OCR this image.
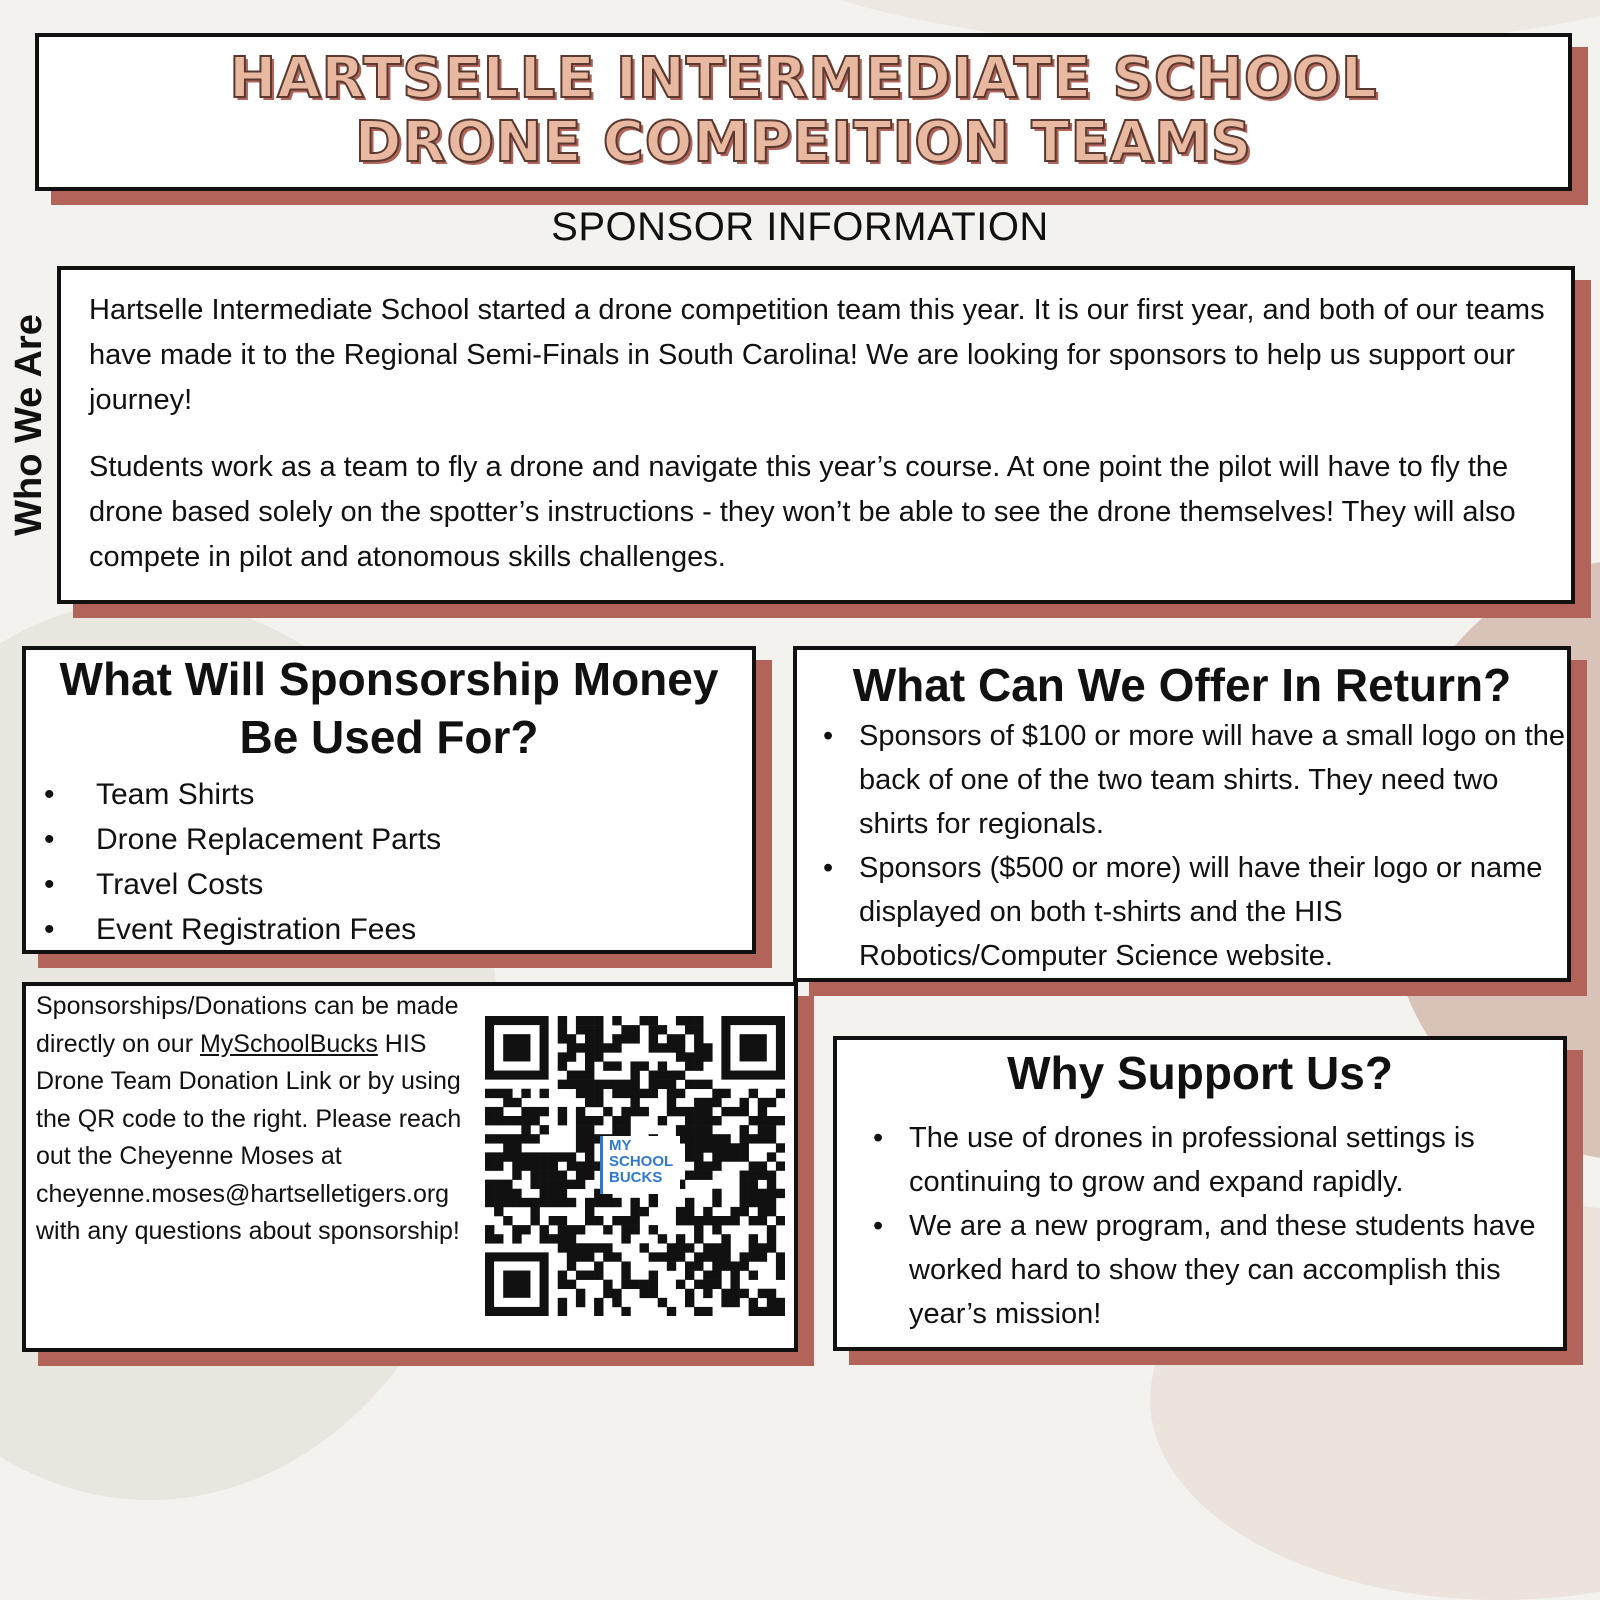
HARTSELLE INTERMEDIATE SCHOOL
DRONE COMPEITION TEAMS
SPONSOR INFORMATION
Who We Are

Hartselle Intermediate School started a drone competition team this year. It is our first year, and both of our teams have made it to the Regional Semi-Finals in South Carolina! We are looking for sponsors to help us support our journey!

Students work as a team to fly a drone and navigate this year’s course. At one point the pilot will have to fly the drone based solely on the spotter’s instructions - they won’t be able to see the drone themselves! They will also compete in pilot and atonomous skills challenges.

What Will Sponsorship Money Be Used For?
• Team Shirts
• Drone Replacement Parts
• Travel Costs
• Event Registration Fees
What Can We Offer In Return?
• Sponsors of $100 or more will have a small logo on the back of one of the two team shirts. They need two shirts for regionals.
• Sponsors ($500 or more) will have their logo or name displayed on both t-shirts and the HIS Robotics/Computer Science website.
Sponsorships/Donations can be made directly on our MySchoolBucks HIS Drone Team Donation Link or by using the QR code to the right. Please reach out the Cheyenne Moses at cheyenne.moses@hartselletigers.org with any questions about sponsorship!
MY SCHOOL BUCKS
Why Support Us?
• The use of drones in professional settings is continuing to grow and expand rapidly.
• We are a new program, and these students have worked hard to show they can accomplish this year’s mission!
